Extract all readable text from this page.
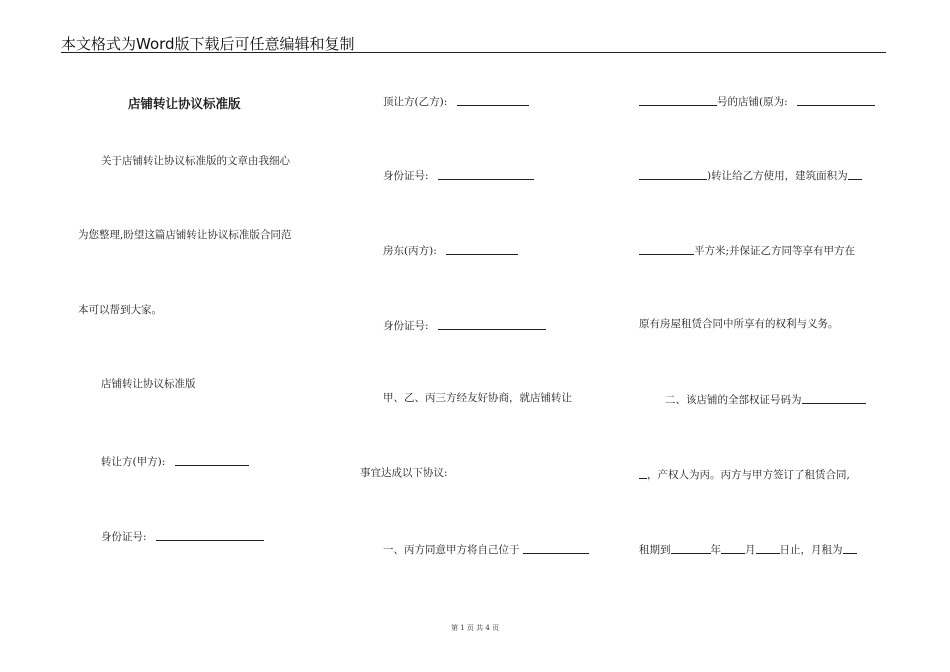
本文格式为Word版下载后可任意编辑和复制
店铺转让协议标准版
关于店铺转让协议标准版的文章由我细心
为您整理,盼望这篇店铺转让协议标准版合同范
本可以帮到大家。
店铺转让协议标准版
转让方(甲方):
身份证号:
顶让方(乙方):
身份证号:
房东(丙方):
身份证号:
甲、乙、丙三方经友好协商，就店铺转让
事宜达成以下协议:
一、丙方同意甲方将自己位于
号的店铺(原为:
)转让给乙方使用，建筑面积为
平方米;并保证乙方同等享有甲方在
原有房屋租赁合同中所享有的权利与义务。
二、该店铺的全部权证号码为
，产权人为丙。丙方与甲方签订了租赁合同,
租期到	年 月 日止，月租为
第 1 页 共 4 页
